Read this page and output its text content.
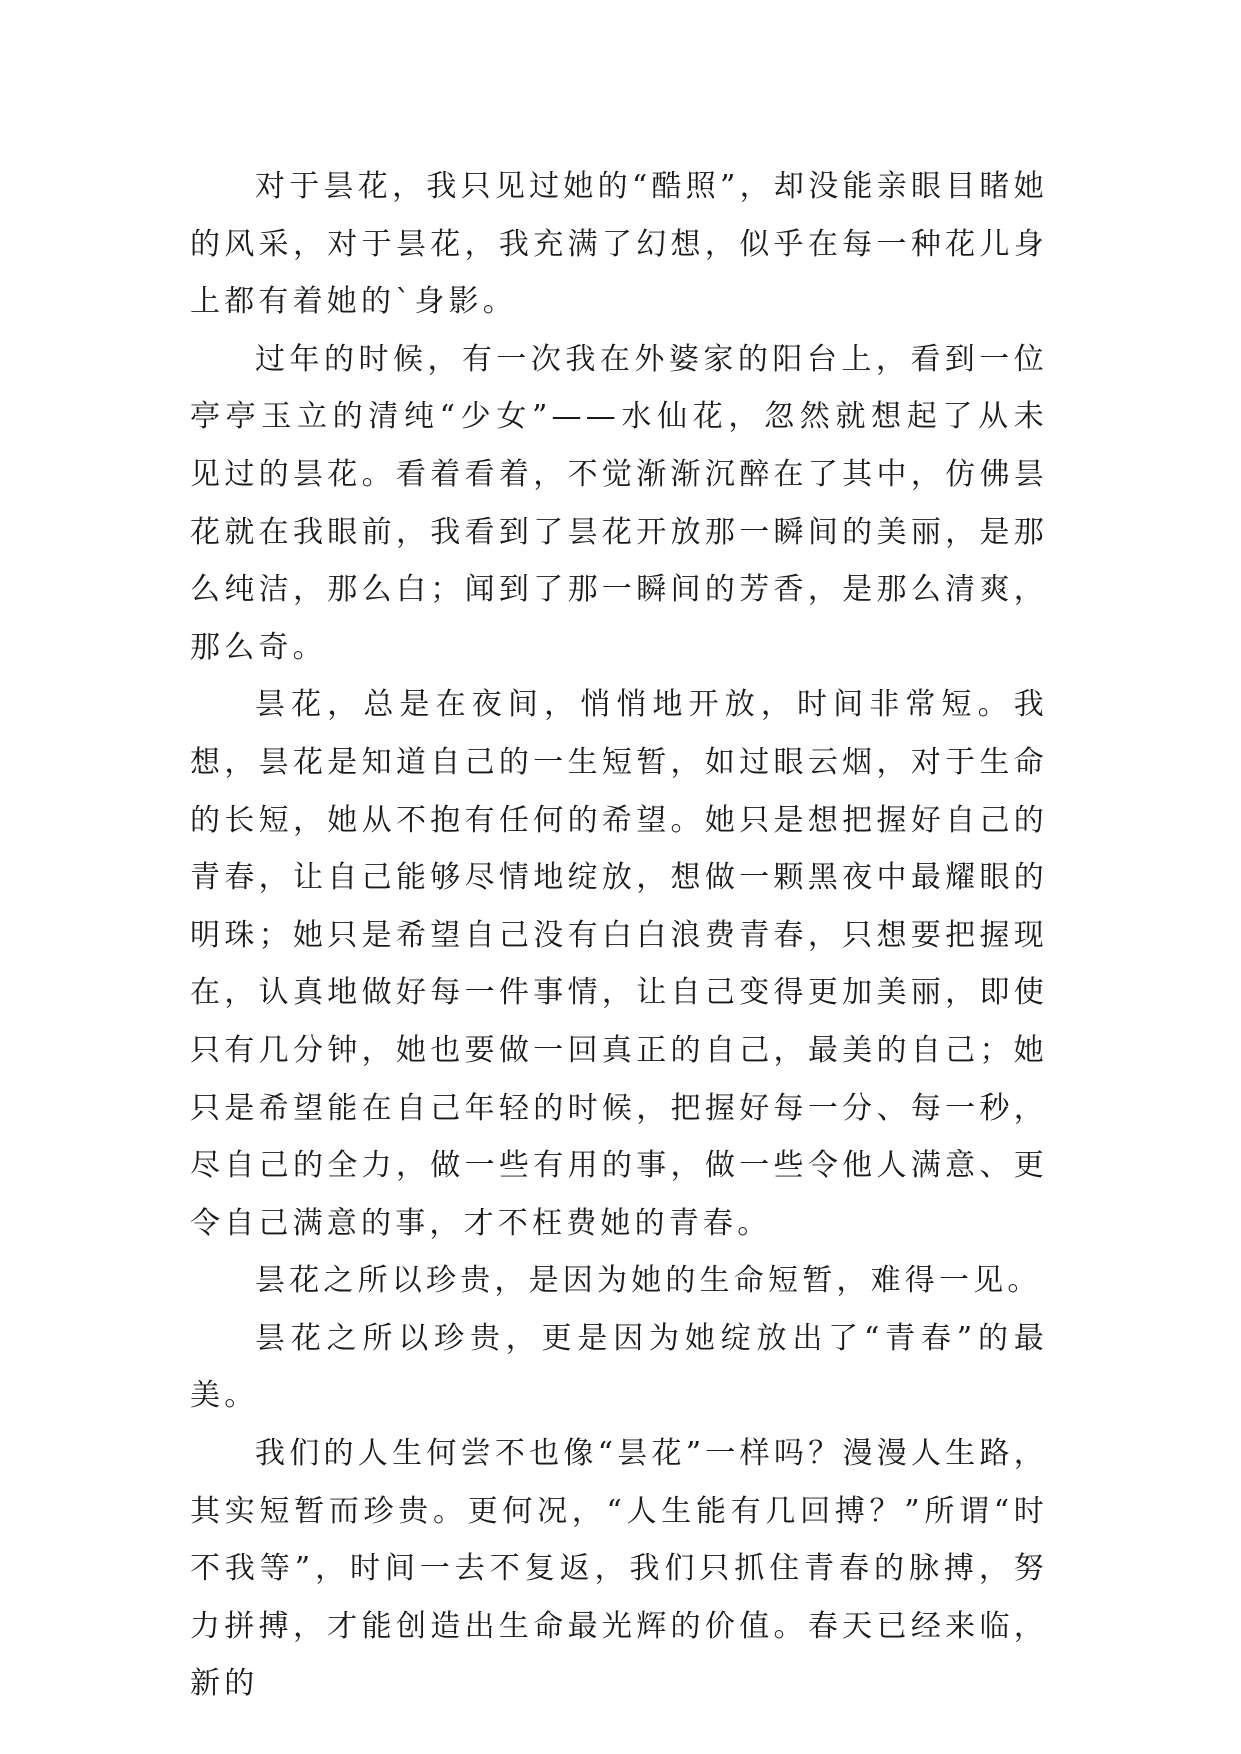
对于昙花，我只见过她的“酷照”，却没能亲眼目睹她的风采，对于昙花，我充满了幻想，似乎在每一种花儿身上都有着她的`身影。

过年的时候，有一次我在外婆家的阳台上，看到一位亭亭玉立的清纯“少女”——水仙花，忽然就想起了从未见过的昙花。看着看着，不觉渐渐沉醉在了其中，仿佛昙花就在我眼前，我看到了昙花开放那一瞬间的美丽，是那么纯洁，那么白；闻到了那一瞬间的芳香，是那么清爽，那么奇。

昙花，总是在夜间，悄悄地开放，时间非常短。我想，昙花是知道自己的一生短暂，如过眼云烟，对于生命的长短，她从不抱有任何的希望。她只是想把握好自己的青春，让自己能够尽情地绽放，想做一颗黑夜中最耀眼的明珠；她只是希望自己没有白白浪费青春，只想要把握现在，认真地做好每一件事情，让自己变得更加美丽，即使只有几分钟，她也要做一回真正的自己，最美的自己；她只是希望能在自己年轻的时候，把握好每一分、每一秒，尽自己的全力，做一些有用的事，做一些令他人满意、更令自己满意的事，才不枉费她的青春。

昙花之所以珍贵，是因为她的生命短暂，难得一见。

昙花之所以珍贵，更是因为她绽放出了“青春”的最美。

我们的人生何尝不也像“昙花”一样吗？漫漫人生路，其实短暂而珍贵。更何况，“人生能有几回搏？”所谓“时不我等”，时间一去不复返，我们只抓住青春的脉搏，努力拼搏，才能创造出生命最光辉的价值。春天已经来临，新的
